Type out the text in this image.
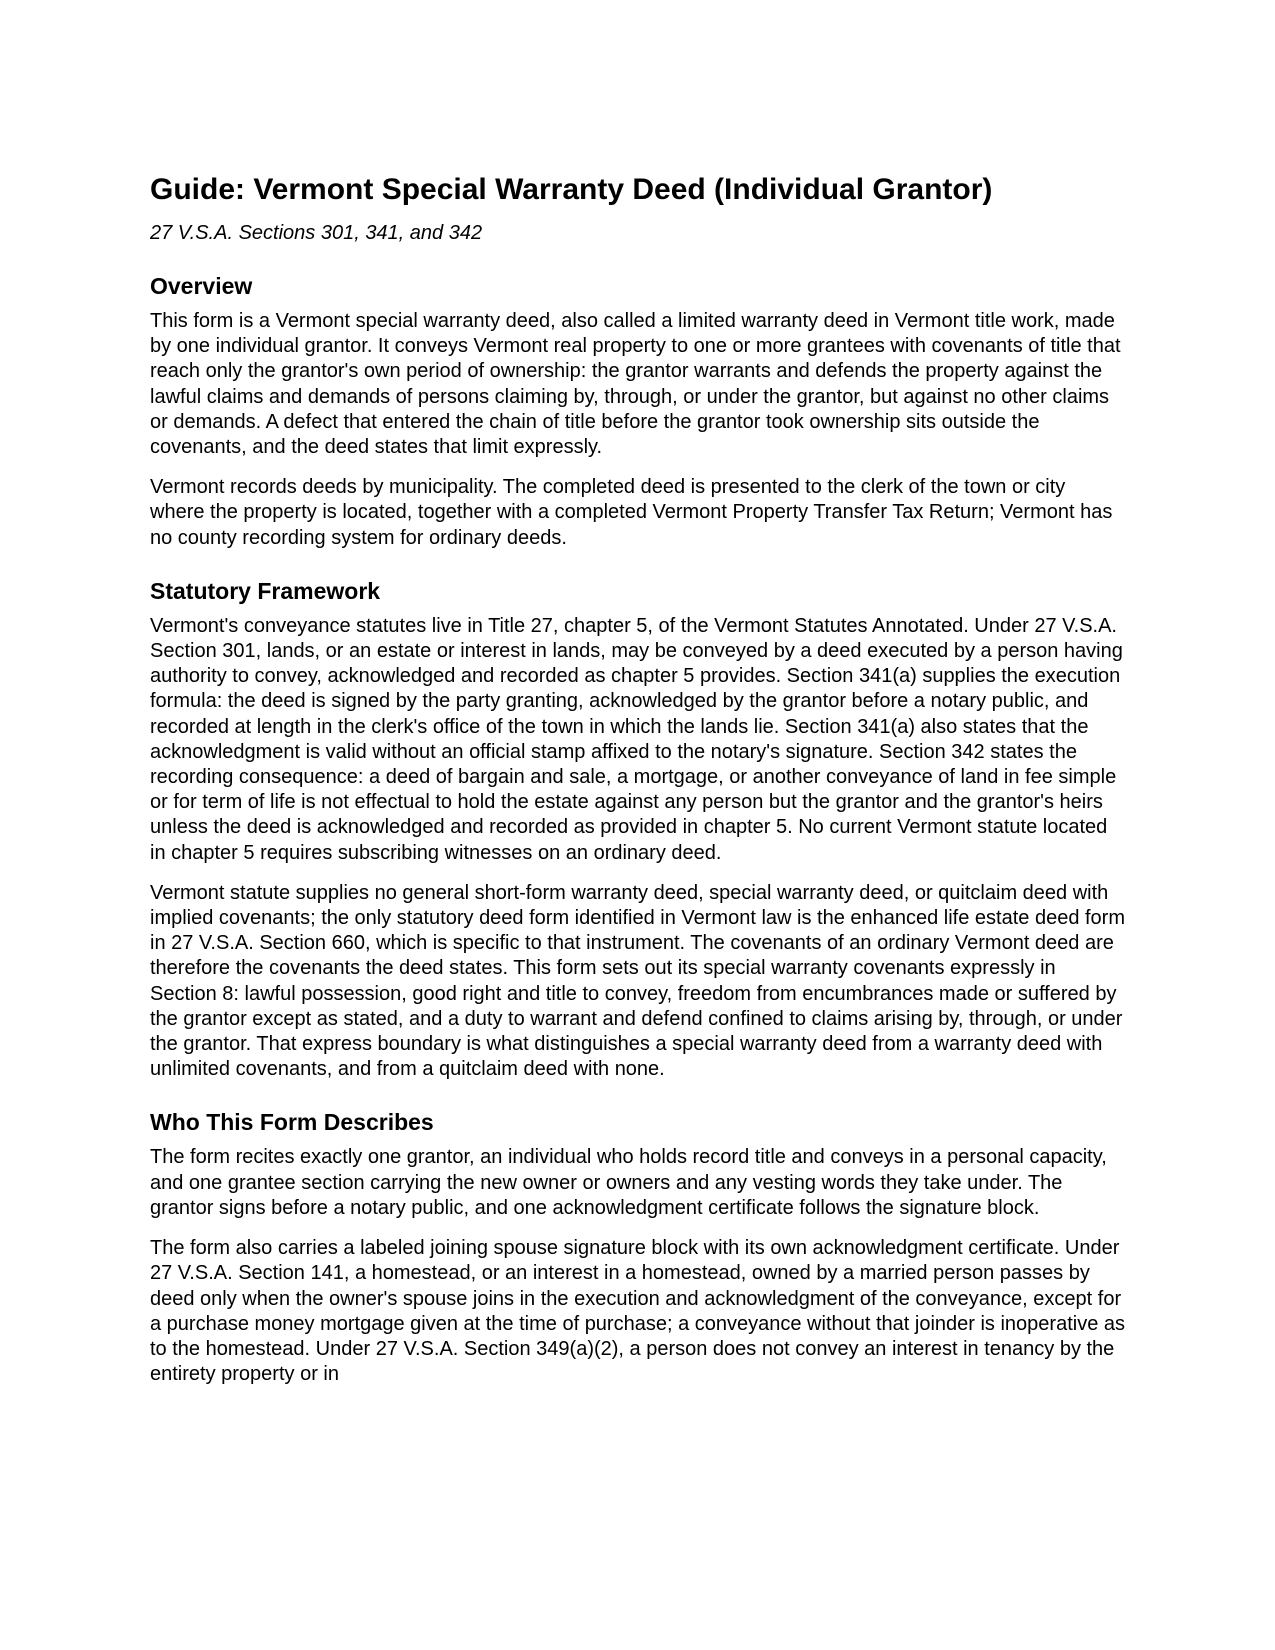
Guide: Vermont Special Warranty Deed (Individual Grantor)

27 V.S.A. Sections 301, 341, and 342

Overview

This form is a Vermont special warranty deed, also called a limited warranty deed in Vermont title work, made by one individual grantor. It conveys Vermont real property to one or more grantees with covenants of title that reach only the grantor's own period of ownership: the grantor warrants and defends the property against the lawful claims and demands of persons claiming by, through, or under the grantor, but against no other claims or demands. A defect that entered the chain of title before the grantor took ownership sits outside the covenants, and the deed states that limit expressly.

Vermont records deeds by municipality. The completed deed is presented to the clerk of the town or city where the property is located, together with a completed Vermont Property Transfer Tax Return; Vermont has no county recording system for ordinary deeds.

Statutory Framework

Vermont's conveyance statutes live in Title 27, chapter 5, of the Vermont Statutes Annotated. Under 27 V.S.A. Section 301, lands, or an estate or interest in lands, may be conveyed by a deed executed by a person having authority to convey, acknowledged and recorded as chapter 5 provides. Section 341(a) supplies the execution formula: the deed is signed by the party granting, acknowledged by the grantor before a notary public, and recorded at length in the clerk's office of the town in which the lands lie. Section 341(a) also states that the acknowledgment is valid without an official stamp affixed to the notary's signature. Section 342 states the recording consequence: a deed of bargain and sale, a mortgage, or another conveyance of land in fee simple or for term of life is not effectual to hold the estate against any person but the grantor and the grantor's heirs unless the deed is acknowledged and recorded as provided in chapter 5. No current Vermont statute located in chapter 5 requires subscribing witnesses on an ordinary deed.

Vermont statute supplies no general short-form warranty deed, special warranty deed, or quitclaim deed with implied covenants; the only statutory deed form identified in Vermont law is the enhanced life estate deed form in 27 V.S.A. Section 660, which is specific to that instrument. The covenants of an ordinary Vermont deed are therefore the covenants the deed states. This form sets out its special warranty covenants expressly in Section 8: lawful possession, good right and title to convey, freedom from encumbrances made or suffered by the grantor except as stated, and a duty to warrant and defend confined to claims arising by, through, or under the grantor. That express boundary is what distinguishes a special warranty deed from a warranty deed with unlimited covenants, and from a quitclaim deed with none.

Who This Form Describes

The form recites exactly one grantor, an individual who holds record title and conveys in a personal capacity, and one grantee section carrying the new owner or owners and any vesting words they take under. The grantor signs before a notary public, and one acknowledgment certificate follows the signature block.

The form also carries a labeled joining spouse signature block with its own acknowledgment certificate. Under 27 V.S.A. Section 141, a homestead, or an interest in a homestead, owned by a married person passes by deed only when the owner's spouse joins in the execution and acknowledgment of the conveyance, except for a purchase money mortgage given at the time of purchase; a conveyance without that joinder is inoperative as to the homestead. Under 27 V.S.A. Section 349(a)(2), a person does not convey an interest in tenancy by the entirety property or in
